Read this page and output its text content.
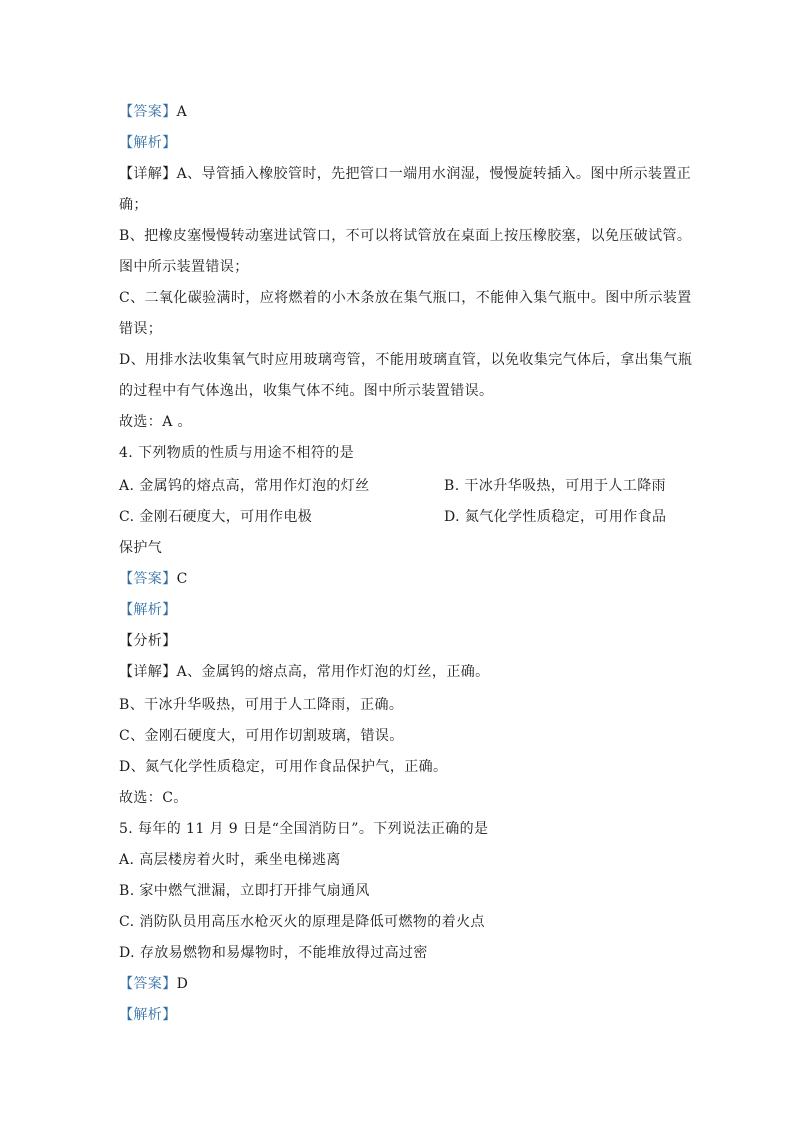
【答案】A
【解析】
【详解】A、导管插入橡胶管时，先把管口一端用水润湿，慢慢旋转插入。图中所示装置正
确；
B、把橡皮塞慢慢转动塞进试管口，不可以将试管放在桌面上按压橡胶塞，以免压破试管。
图中所示装置错误；
C、二氧化碳验满时，应将燃着的小木条放在集气瓶口，不能伸入集气瓶中。图中所示装置
错误；
D、用排水法收集氧气时应用玻璃弯管，不能用玻璃直管，以免收集完气体后，拿出集气瓶
的过程中有气体逸出，收集气体不纯。图中所示装置错误。
故选：A 。
4. 下列物质的性质与用途不相符的是
A. 金属钨的熔点高，常用作灯泡的灯丝	B. 干冰升华吸热，可用于人工降雨
C. 金刚石硬度大，可用作电极	D. 氮气化学性质稳定，可用作食品
保护气
【答案】C
【解析】
【分析】
【详解】A、金属钨的熔点高，常用作灯泡的灯丝，正确。
B、干冰升华吸热，可用于人工降雨，正确。
C、金刚石硬度大，可用作切割玻璃，错误。
D、氮气化学性质稳定，可用作食品保护气，正确。
故选：C。
5. 每年的 11 月 9 日是“全国消防日”。下列说法正确的是
A. 高层楼房着火时，乘坐电梯逃离
B. 家中燃气泄漏，立即打开排气扇通风
C. 消防队员用高压水枪灭火的原理是降低可燃物的着火点
D. 存放易燃物和易爆物时，不能堆放得过高过密
【答案】D
【解析】
